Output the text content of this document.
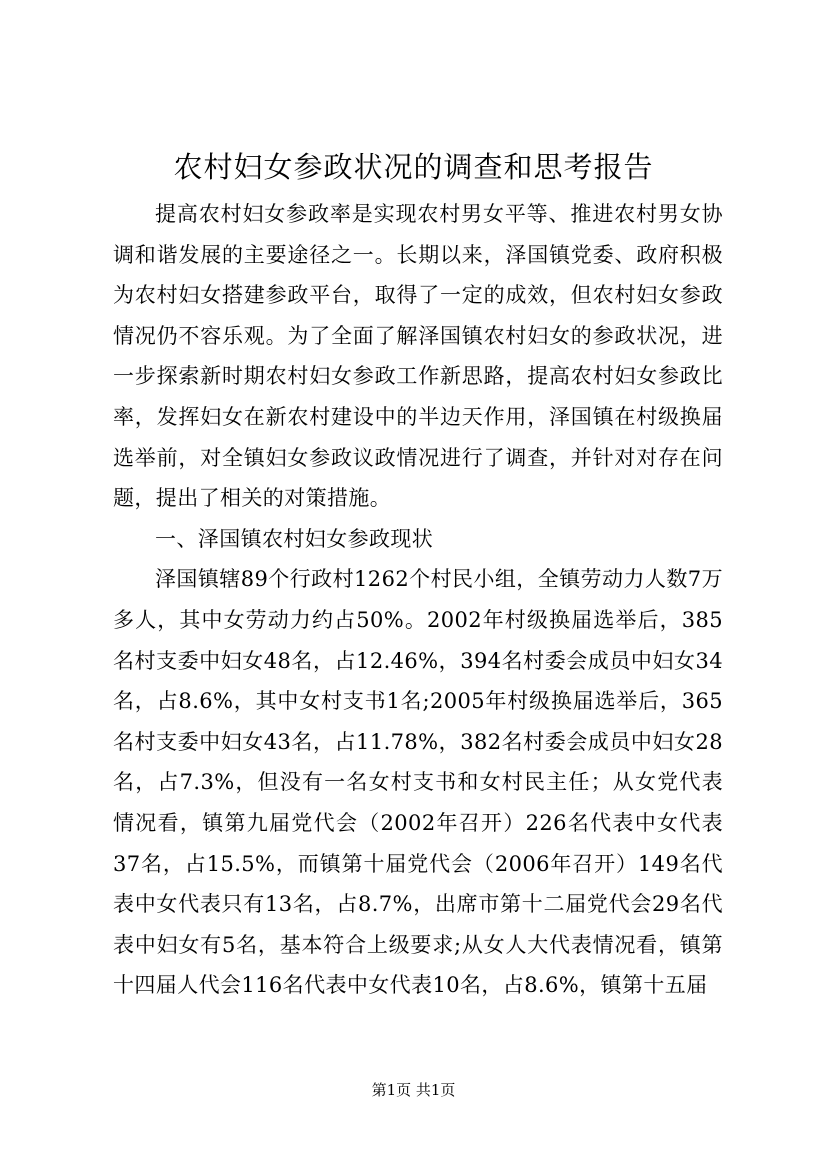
农村妇女参政状况的调查和思考报告

提高农村妇女参政率是实现农村男女平等、推进农村男女协调和谐发展的主要途径之一。长期以来，泽国镇党委、政府积极为农村妇女搭建参政平台，取得了一定的成效，但农村妇女参政情况仍不容乐观。为了全面了解泽国镇农村妇女的参政状况，进一步探索新时期农村妇女参政工作新思路，提高农村妇女参政比率，发挥妇女在新农村建设中的半边天作用，泽国镇在村级换届选举前，对全镇妇女参政议政情况进行了调查，并针对对存在问题，提出了相关的对策措施。

一、泽国镇农村妇女参政现状

泽国镇辖89个行政村1262个村民小组，全镇劳动力人数7万多人，其中女劳动力约占50%。2002年村级换届选举后，385名村支委中妇女48名，占12.46%，394名村委会成员中妇女34名，占8.6%，其中女村支书1名;2005年村级换届选举后，365名村支委中妇女43名，占11.78%，382名村委会成员中妇女28名，占7.3%，但没有一名女村支书和女村民主任；从女党代表情况看，镇第九届党代会（2002年召开）226名代表中女代表37名，占15.5%，而镇第十届党代会（2006年召开）149名代表中女代表只有13名，占8.7%，出席市第十二届党代会29名代表中妇女有5名，基本符合上级要求;从女人大代表情况看，镇第十四届人代会116名代表中女代表10名，占8.6%，镇第十五届

第1页 共1页
